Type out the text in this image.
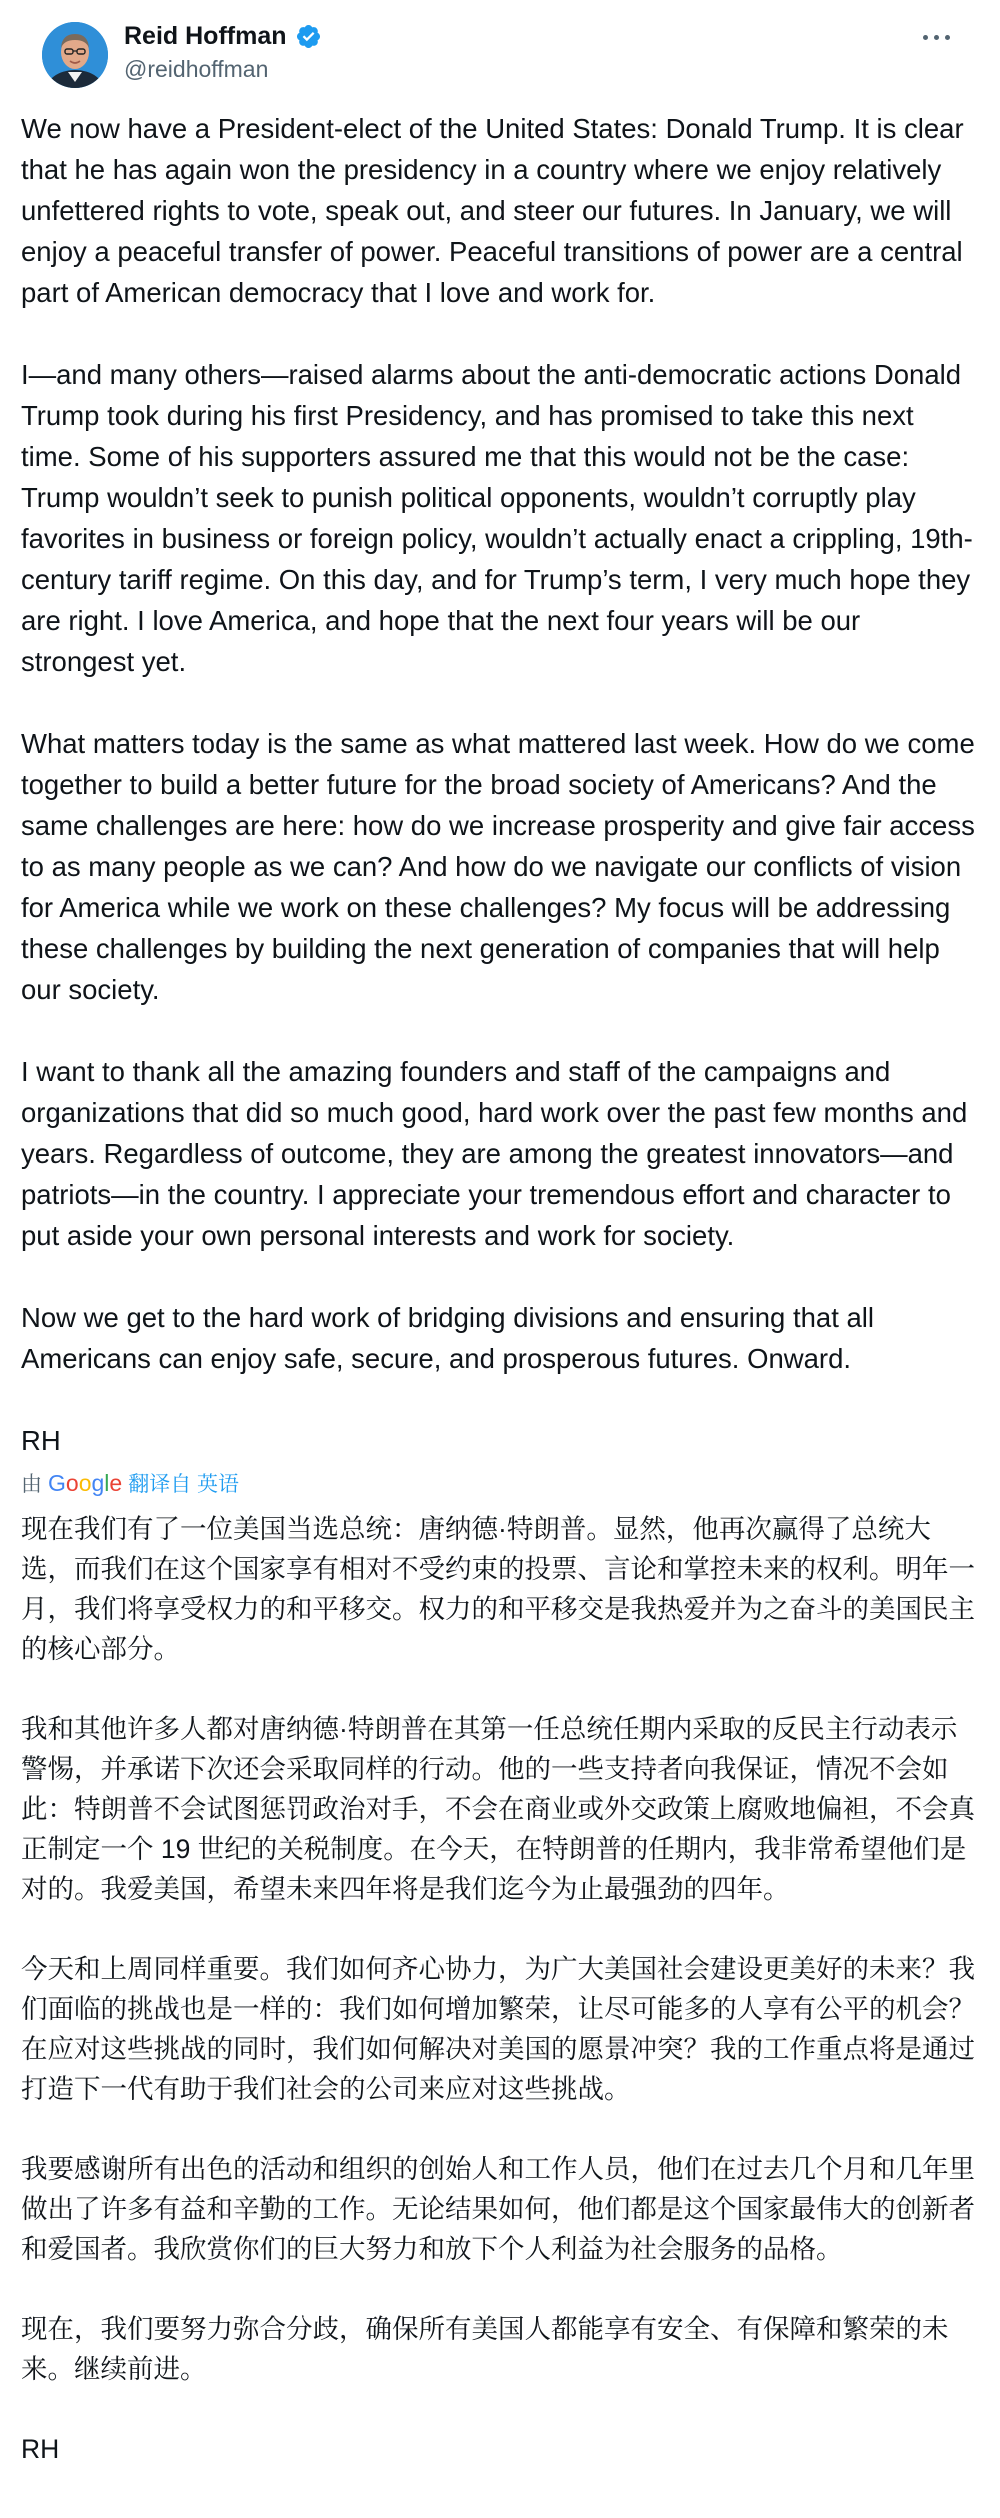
Reid Hoffman
@reidhoffman

We now have a President-elect of the United States: Donald Trump. It is clear that he has again won the presidency in a country where we enjoy relatively unfettered rights to vote, speak out, and steer our futures. In January, we will enjoy a peaceful transfer of power. Peaceful transitions of power are a central part of American democracy that I love and work for.

I—and many others—raised alarms about the anti-democratic actions Donald Trump took during his first Presidency, and has promised to take this next time. Some of his supporters assured me that this would not be the case: Trump wouldn’t seek to punish political opponents, wouldn’t corruptly play favorites in business or foreign policy, wouldn’t actually enact a crippling, 19th-century tariff regime. On this day, and for Trump’s term, I very much hope they are right. I love America, and hope that the next four years will be our strongest yet.

What matters today is the same as what mattered last week. How do we come together to build a better future for the broad society of Americans? And the same challenges are here: how do we increase prosperity and give fair access to as many people as we can? And how do we navigate our conflicts of vision for America while we work on these challenges? My focus will be addressing these challenges by building the next generation of companies that will help our society.

I want to thank all the amazing founders and staff of the campaigns and organizations that did so much good, hard work over the past few months and years. Regardless of outcome, they are among the greatest innovators—and patriots—in the country. I appreciate your tremendous effort and character to put aside your own personal interests and work for society.

Now we get to the hard work of bridging divisions and ensuring that all Americans can enjoy safe, secure, and prosperous futures. Onward.

RH
由 Google 翻译自 英语

现在我们有了一位美国当选总统：唐纳德·特朗普。显然，他再次赢得了总统大选，而我们在这个国家享有相对不受约束的投票、言论和掌控未来的权利。明年一月，我们将享受权力的和平移交。权力的和平移交是我热爱并为之奋斗的美国民主的核心部分。

我和其他许多人都对唐纳德·特朗普在其第一任总统任期内采取的反民主行动表示警惕，并承诺下次还会采取同样的行动。他的一些支持者向我保证，情况不会如此：特朗普不会试图惩罚政治对手，不会在商业或外交政策上腐败地偏袒，不会真正制定一个 19 世纪的关税制度。在今天，在特朗普的任期内，我非常希望他们是对的。我爱美国，希望未来四年将是我们迄今为止最强劲的四年。

今天和上周同样重要。我们如何齐心协力，为广大美国社会建设更美好的未来？我们面临的挑战也是一样的：我们如何增加繁荣，让尽可能多的人享有公平的机会？在应对这些挑战的同时，我们如何解决对美国的愿景冲突？我的工作重点将是通过打造下一代有助于我们社会的公司来应对这些挑战。

我要感谢所有出色的活动和组织的创始人和工作人员，他们在过去几个月和几年里做出了许多有益和辛勤的工作。无论结果如何，他们都是这个国家最伟大的创新者和爱国者。我欣赏你们的巨大努力和放下个人利益为社会服务的品格。

现在，我们要努力弥合分歧，确保所有美国人都能享有安全、有保障和繁荣的未来。继续前进。

RH
